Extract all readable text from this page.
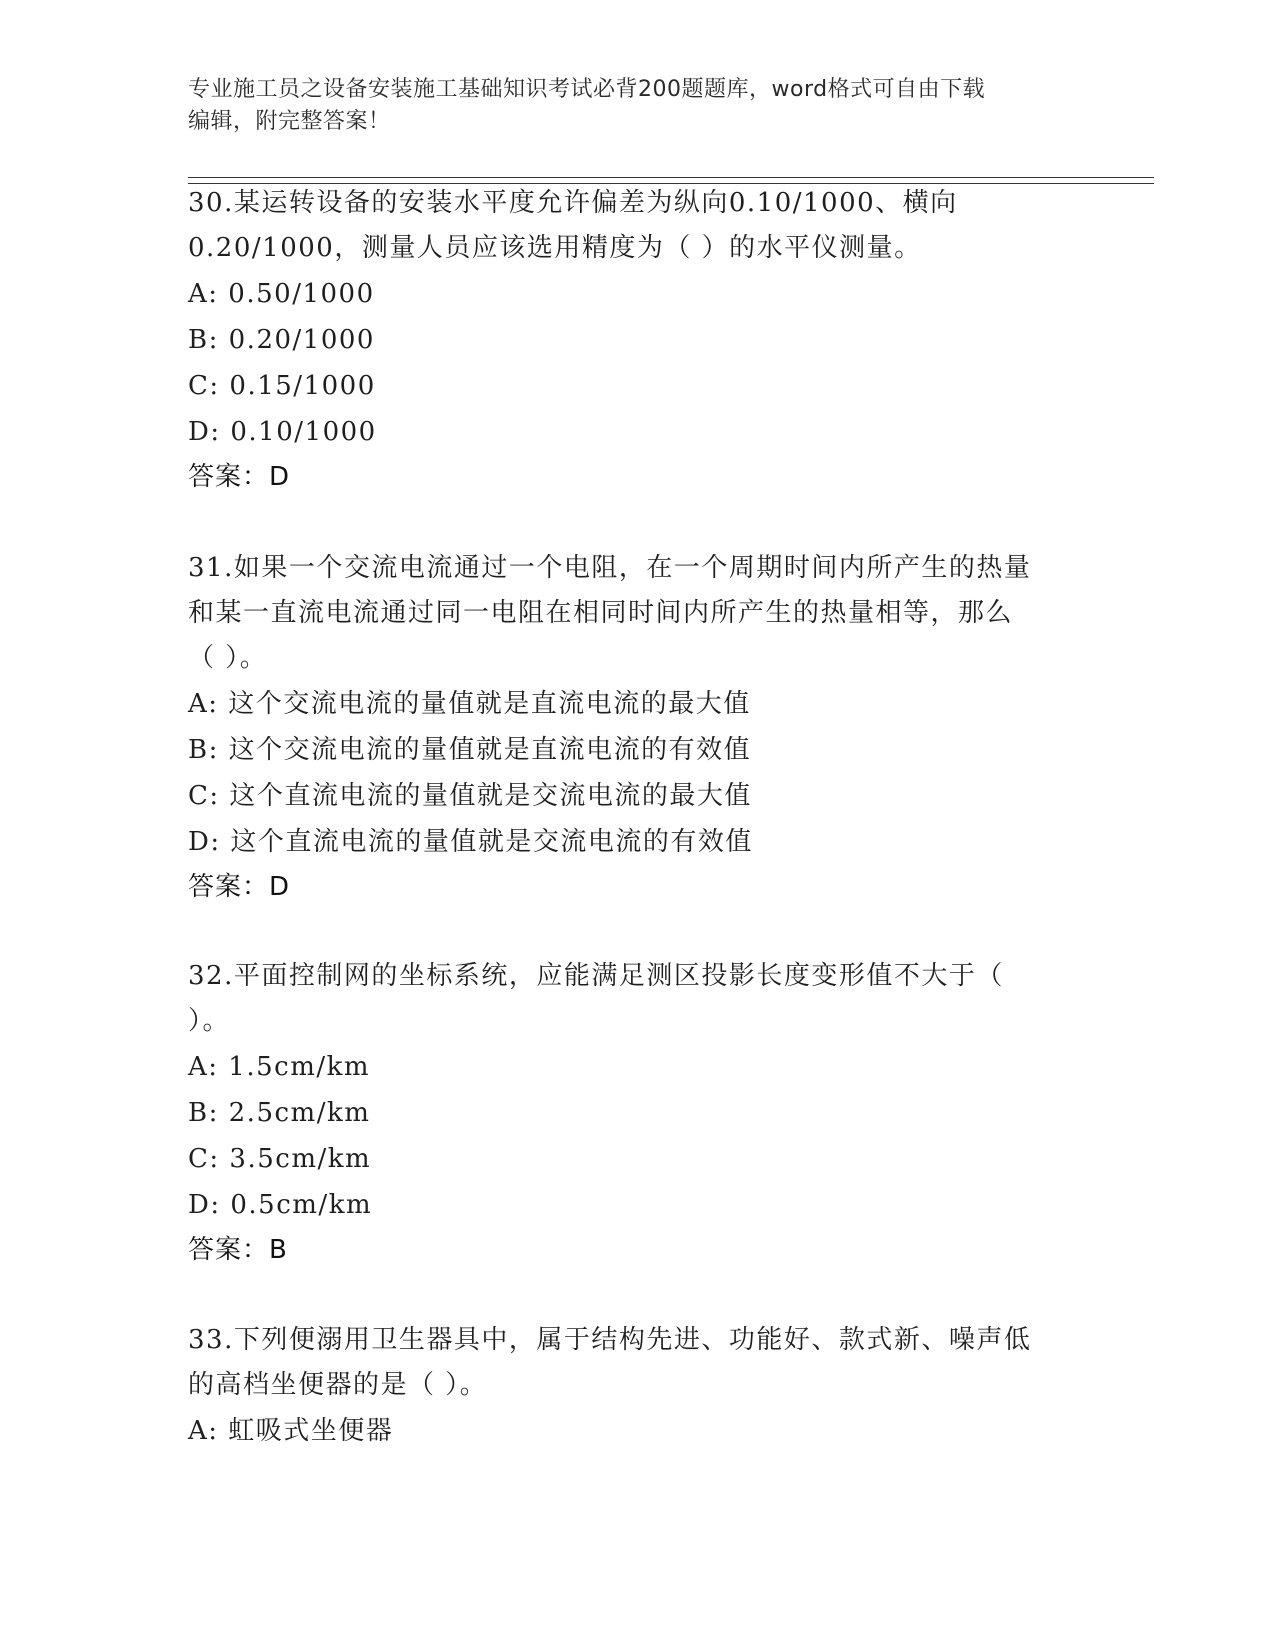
专业施工员之设备安装施工基础知识考试必背200题题库，word格式可自由下载
编辑，附完整答案！
30.某运转设备的安装水平度允许偏差为纵向0.10/1000、横向
0.20/1000，测量人员应该选用精度为（ ）的水平仪测量。
A: 0.50/1000
B: 0.20/1000
C: 0.15/1000
D: 0.10/1000
答案：D
31.如果一个交流电流通过一个电阻，在一个周期时间内所产生的热量
和某一直流电流通过同一电阻在相同时间内所产生的热量相等，那么
（ ）。
A: 这个交流电流的量值就是直流电流的最大值
B: 这个交流电流的量值就是直流电流的有效值
C: 这个直流电流的量值就是交流电流的最大值
D: 这个直流电流的量值就是交流电流的有效值
答案：D
32.平面控制网的坐标系统，应能满足测区投影长度变形值不大于（
）。
A: 1.5cm/km
B: 2.5cm/km
C: 3.5cm/km
D: 0.5cm/km
答案：B
33.下列便溺用卫生器具中，属于结构先进、功能好、款式新、噪声低
的高档坐便器的是（ ）。
A: 虹吸式坐便器
